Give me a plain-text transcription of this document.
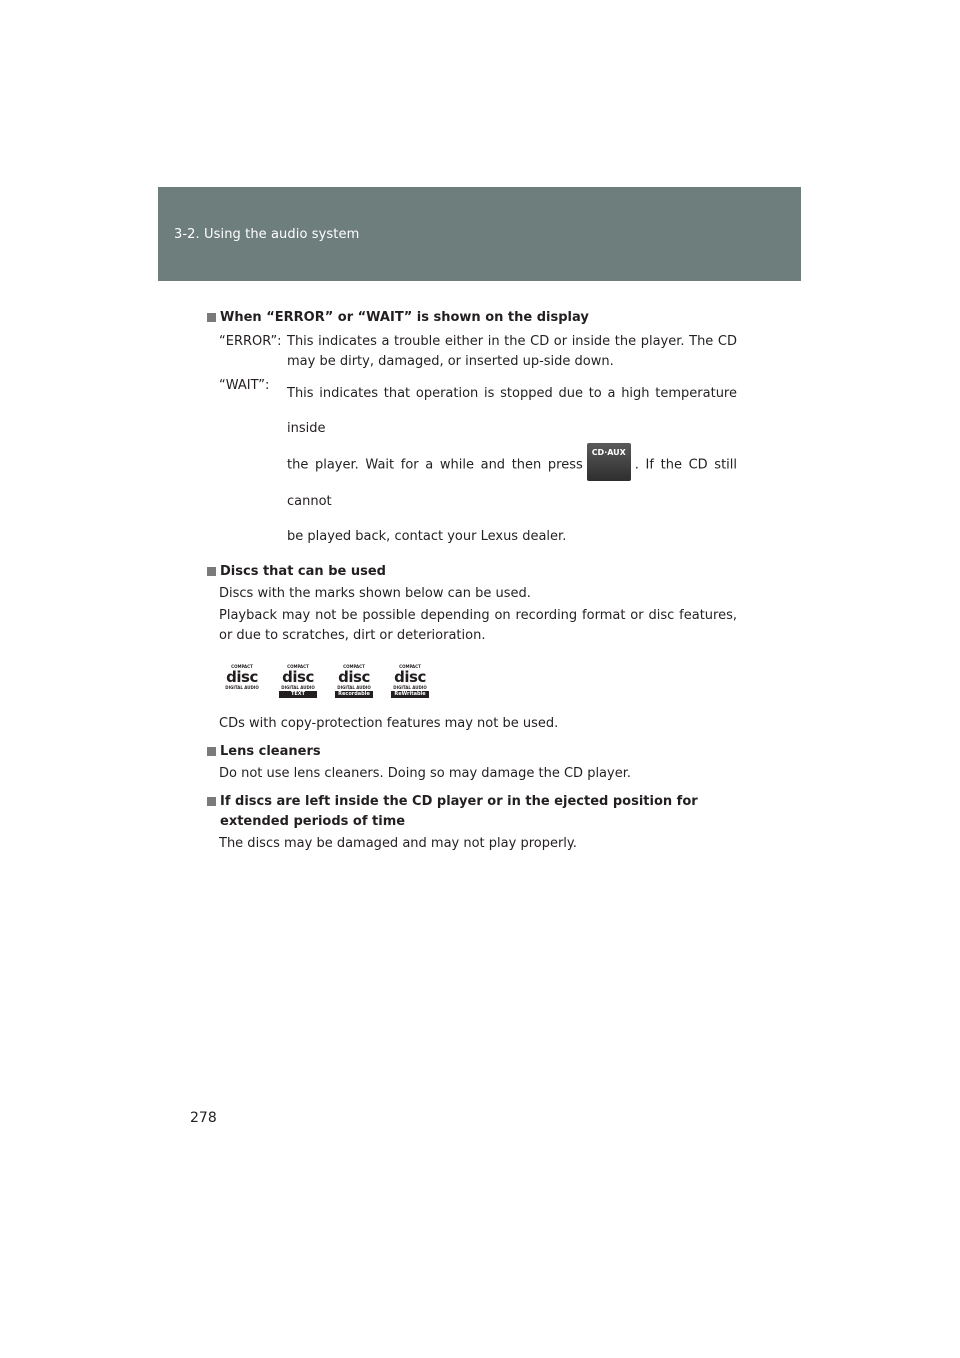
3-2. Using the audio system

When “ERROR” or “WAIT” is shown on the display

“ERROR”: This indicates a trouble either in the CD or inside the player. The CD may be dirty, damaged, or inserted up-side down.
“WAIT”:
This indicates that operation is stopped due to a high temperature inside
the player. Wait for a while and then press
CD·AUX
. If the CD still cannot
be played back, contact your Lexus dealer.

Discs that can be used

Discs with the marks shown below can be used.

Playback may not be possible depending on recording format or disc features, or due to scratches, dirt or deterioration.

COMPACT
disc
DIGITAL AUDIO
COMPACT
disc
DIGITAL AUDIO
TEXT
COMPACT
disc
DIGITAL AUDIO
Recordable
COMPACT
disc
DIGITAL AUDIO
ReWritable

CDs with copy-protection features may not be used.

Lens cleaners

Do not use lens cleaners. Doing so may damage the CD player.

If discs are left inside the CD player or in the ejected position for extended periods of time

The discs may be damaged and may not play properly.

278
